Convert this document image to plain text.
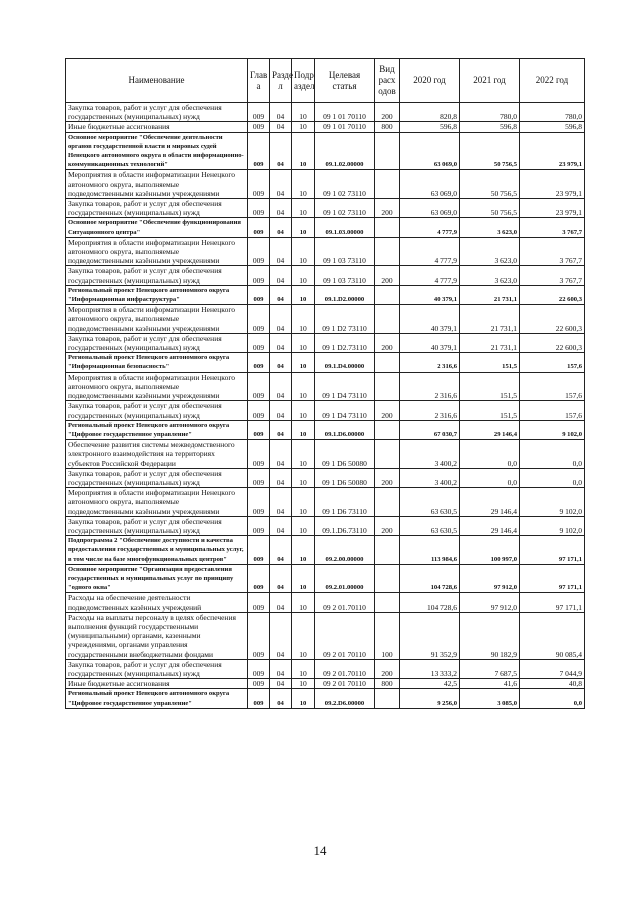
Наименование	Глав а	Разде л	Подр аздел	Целевая статья	Вид расх одов	2020 год	2021 год	2022 год
Закупка товаров, работ и услуг для обеспечения государственных (муниципальных) нужд	009	04	10	09 1 01 70110	200	820,8	780,0	780,0
Иные бюджетные ассигнования	009	04	10	09 1 01 70110	800	596,8	596,8	596,8
Основное мероприятие "Обеспечение деятельности органов государственной власти и мировых судей Ненецкого автономного округа в области информационно-коммуникационных технологий"	009	04	10	09.1.02.00000		63 069,0	50 756,5	23 979,1
Мероприятия в области информатизации Ненецкого автономного округа, выполняемые подведомственными казёнными учреждениями	009	04	10	09 1 02 73110		63 069,0	50 756,5	23 979,1
Закупка товаров, работ и услуг для обеспечения государственных (муниципальных) нужд	009	04	10	09 1 02 73110	200	63 069,0	50 756,5	23 979,1
Основное мероприятие "Обеспечение функционирования Ситуационного центра"	009	04	10	09.1.03.00000		4 777,9	3 623,0	3 767,7
Мероприятия в области информатизации Ненецкого автономного округа, выполняемые подведомственными казёнными учреждениями	009	04	10	09 1 03 73110		4 777,9	3 623,0	3 767,7
Закупка товаров, работ и услуг для обеспечения государственных (муниципальных) нужд	009	04	10	09 1 03 73110	200	4 777,9	3 623,0	3 767,7
Региональный проект Ненецкого автономного округа "Информационная инфраструктура"	009	04	10	09.1.D2.00000		40 379,1	21 731,1	22 600,3
Мероприятия в области информатизации Ненецкого автономного округа, выполняемые подведомственными казёнными учреждениями	009	04	10	09 1 D2 73110		40 379,1	21 731,1	22 600,3
Закупка товаров, работ и услуг для обеспечения государственных (муниципальных) нужд	009	04	10	09 1 D2.73110	200	40 379,1	21 731,1	22 600,3
Региональный проект Ненецкого автономного округа "Информационная безопасность"	009	04	10	09.1.D4.00000		2 316,6	151,5	157,6
Мероприятия в области информатизации Ненецкого автономного округа, выполняемые подведомственными казёнными учреждениями	009	04	10	09 1 D4 73110		2 316,6	151,5	157,6
Закупка товаров, работ и услуг для обеспечения государственных (муниципальных) нужд	009	04	10	09 1 D4 73110	200	2 316,6	151,5	157,6
Региональный проект Ненецкого автономного округа "Цифровое государственное управление"	009	04	10	09.1.D6.00000		67 030,7	29 146,4	9 102,0
Обеспечение развития системы межведомственного электронного взаимодействия на территориях субъектов Российской Федерации	009	04	10	09 1 D6 50080		3 400,2	0,0	0,0
Закупка товаров, работ и услуг для обеспечения государственных (муниципальных) нужд	009	04	10	09 1 D6 50080	200	3 400,2	0,0	0,0
Мероприятия в области информатизации Ненецкого автономного округа, выполняемые подведомственными казёнными учреждениями	009	04	10	09 1 D6 73110		63 630,5	29 146,4	9 102,0
Закупка товаров, работ и услуг для обеспечения государственных (муниципальных) нужд	009	04	10	09.1.D6.73110	200	63 630,5	29 146,4	9 102,0
Подпрограмма 2 "Обеспечение доступности и качества предоставления государственных и муниципальных услуг, в том числе на базе многофункциональных центров"	009	04	10	09.2.00.00000		113 984,6	100 997,0	97 171,1
Основное мероприятие "Организация предоставления государственных и муниципальных услуг по принципу "одного окна"	009	04	10	09.2.01.00000		104 728,6	97 912,0	97 171,1
Расходы на обеспечение деятельности подведомственных казённых учреждений	009	04	10	09 2 01.70110		104 728,6	97 912,0	97 171,1
Расходы на выплаты персоналу в целях обеспечения выполнения функций государственными (муниципальными) органами, казенными учреждениями, органами управления государственными внебюджетными фондами	009	04	10	09 2 01 70110	100	91 352,9	90 182,9	90 085,4
Закупка товаров, работ и услуг для обеспечения государственных (муниципальных) нужд	009	04	10	09 2 01.70110	200	13 333,2	7 687,5	7 044,9
Иные бюджетные ассигнования	009	04	10	09 2 01 70110	800	42,5	41,6	40,8
Региональный проект Ненецкого автономного округа "Цифровое государственное управление"	009	04	10	09.2.D6.00000		9 256,0	3 085,0	0,0
14
